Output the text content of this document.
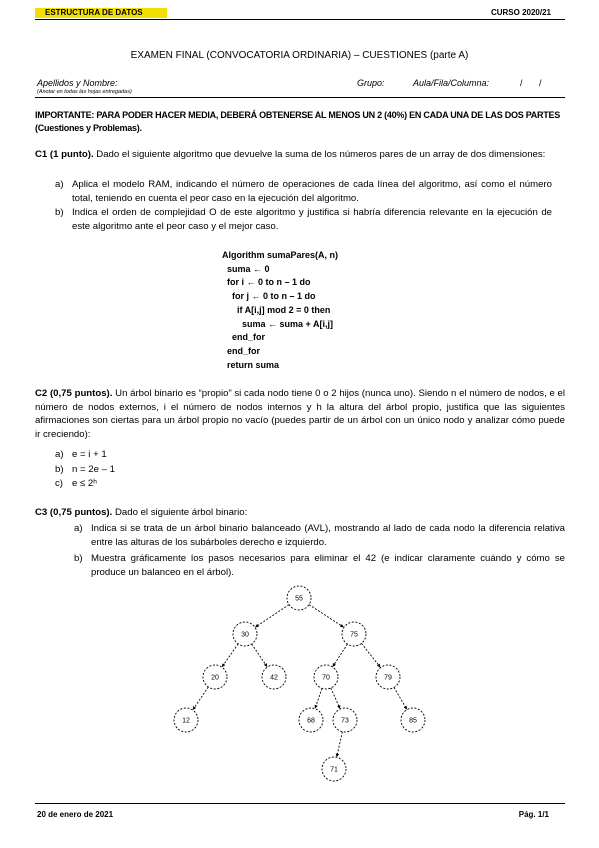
ESTRUCTURA DE DATOS	CURSO 2020/21
EXAMEN FINAL (CONVOCATORIA ORDINARIA) – CUESTIONES (parte A)
Apellidos y Nombre:
(Anotar en todas las hojas entregadas)
Grupo:	Aula/Fila/Columna:	/ /
IMPORTANTE: PARA PODER HACER MEDIA, DEBERÁ OBTENERSE AL MENOS UN 2 (40%) EN CADA UNA DE LAS DOS PARTES (Cuestiones y Problemas).
C1 (1 punto). Dado el siguiente algoritmo que devuelve la suma de los números pares de un array de dos dimensiones:
a) Aplica el modelo RAM, indicando el número de operaciones de cada línea del algoritmo, así como el número total, teniendo en cuenta el peor caso en la ejecución del algoritmo.
b) Indica el orden de complejidad O de este algoritmo y justifica si habría diferencia relevante en la ejecución de este algoritmo ante el peor caso y el mejor caso.
Algorithm sumaPares(A, n)
suma ← 0
for i ← 0 to n – 1 do
for j ← 0 to n – 1 do
if A[i,j] mod 2 = 0 then
suma ← suma + A[i,j]
end_for
end_for
return suma
C2 (0,75 puntos). Un árbol binario es “propio” si cada nodo tiene 0 o 2 hijos (nunca uno). Siendo n el número de nodos, e el número de nodos externos, i el número de nodos internos y h la altura del árbol propio, justifica que las siguientes afirmaciones son ciertas para un árbol propio no vacío (puedes partir de un árbol con un único nodo y analizar cómo puede ir creciendo):
a) e = i + 1
b) n = 2e – 1
c) e ≤ 2ʰ
C3 (0,75 puntos). Dado el siguiente árbol binario:
a) Indica si se trata de un árbol binario balanceado (AVL), mostrando al lado de cada nodo la diferencia relativa entre las alturas de los subárboles derecho e izquierdo.
b) Muestra gráficamente los pasos necesarios para eliminar el 42 (e indicar claramente cuándo y cómo se produce un balanceo en el árbol).
55
30	75
20	42	70	79
12	68	73	85
71
20 de enero de 2021	Pág. 1/1
